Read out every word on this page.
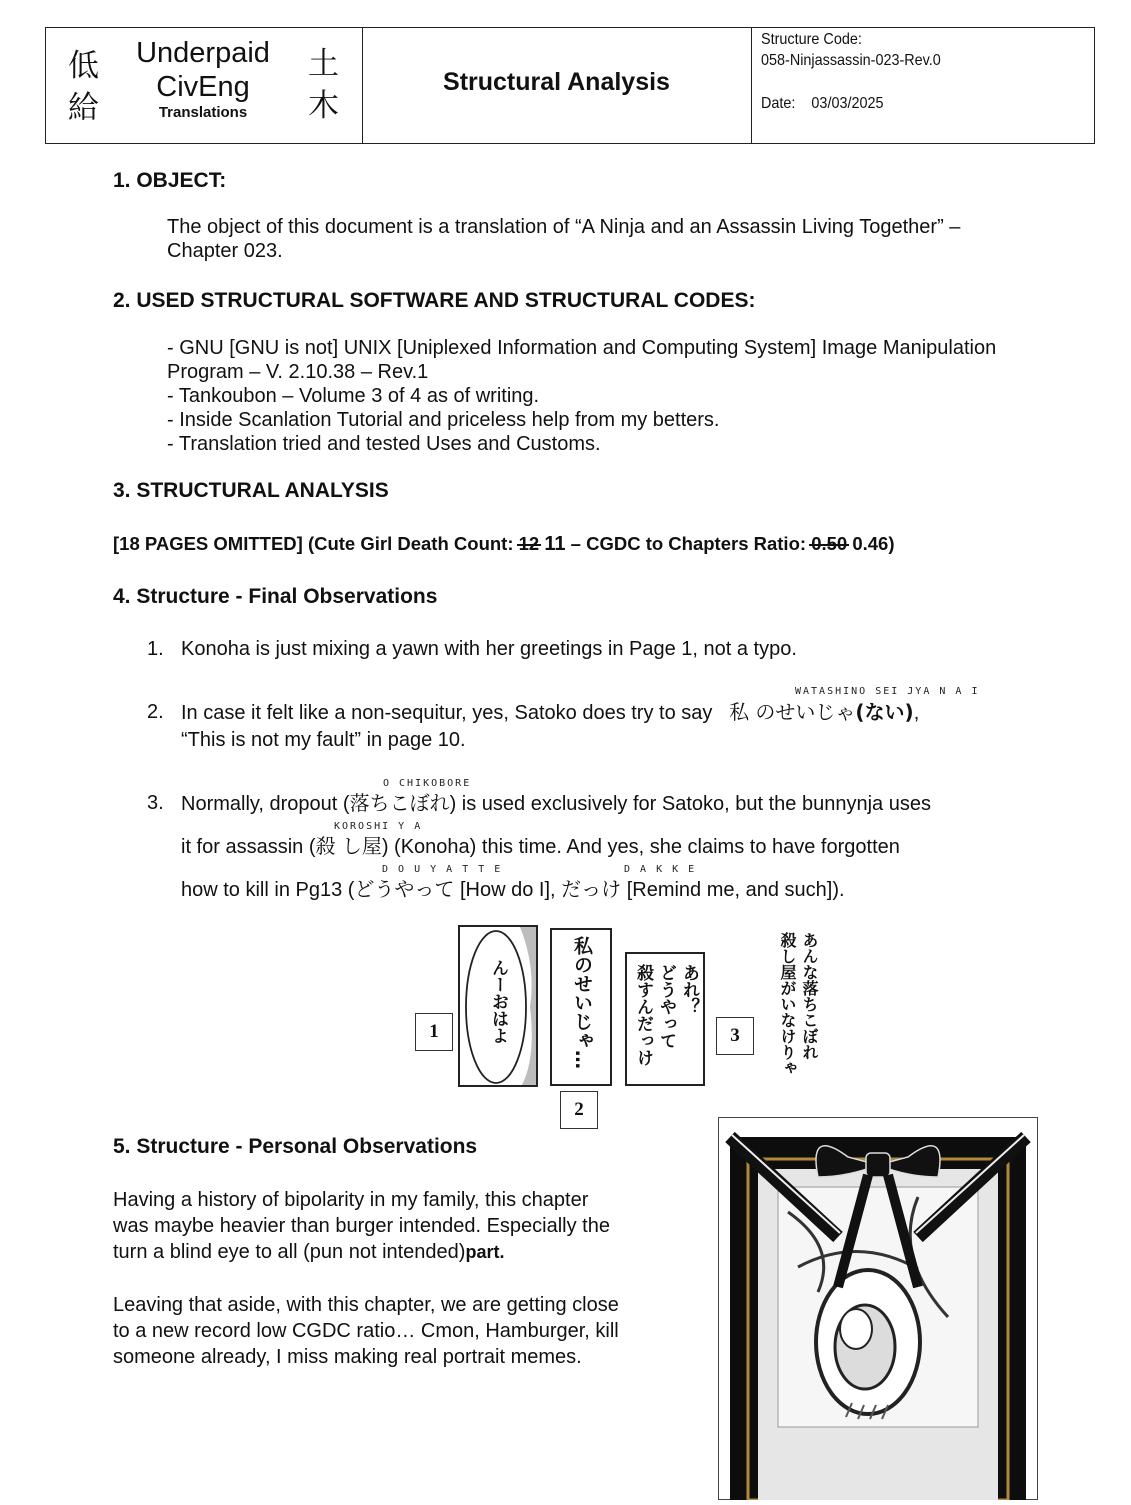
低
給
Underpaid
CivEng
Translations
土
木
Structural Analysis
Structure Code:
058-Ninjassassin-023-Rev.0
Date: 03/03/2025
1. OBJECT:
The object of this document is a translation of “A Ninja and an Assassin Living Together” –
Chapter 023.
2. USED STRUCTURAL SOFTWARE AND STRUCTURAL CODES:
- GNU [GNU is not] UNIX [Uniplexed Information and Computing System] Image Manipulation
Program – V. 2.10.38 – Rev.1
- Tankoubon – Volume 3 of 4 as of writing.
- Inside Scanlation Tutorial and priceless help from my betters.
- Translation tried and tested Uses and Customs.
3. STRUCTURAL ANALYSIS
[18 PAGES OMITTED] (Cute Girl Death Count: 12 11 – CGDC to Chapters Ratio: 0.50 0.46)
4. Structure - Final Observations
1. Konoha is just mixing a yawn with her greetings in Page 1, not a typo.
WATASHINO SEI JYA N A I
2. In case it felt like a non-sequitur, yes, Satoko does try to say 私 のせいじゃ(ない),
“This is not my fault” in page 10.
O CHIKOBORE
3. Normally, dropout (落ちこぼれ) is used exclusively for Satoko, but the bunnynja uses
KOROSHI Y A
it for assassin (殺 し屋) (Konoha) this time. And yes, she claims to have forgotten
D O U Y A T T E	D A K K E
how to kill in Pg13 (どうやって [How do I], だっけ [Remind me, and such]).
1	んーおはよ	私のせいじゃ…
2
あれ？
どうやって
殺すんだっけ	3	あんな落ちこぼれ
殺し屋がいなけりゃ
5. Structure - Personal Observations
Having a history of bipolarity in my family, this chapter
was maybe heavier than burger intended. Especially the
turn a blind eye to all (pun not intended)part.
Leaving that aside, with this chapter, we are getting close
to a new record low CGDC ratio… Cmon, Hamburger, kill
someone already, I miss making real portrait memes.
